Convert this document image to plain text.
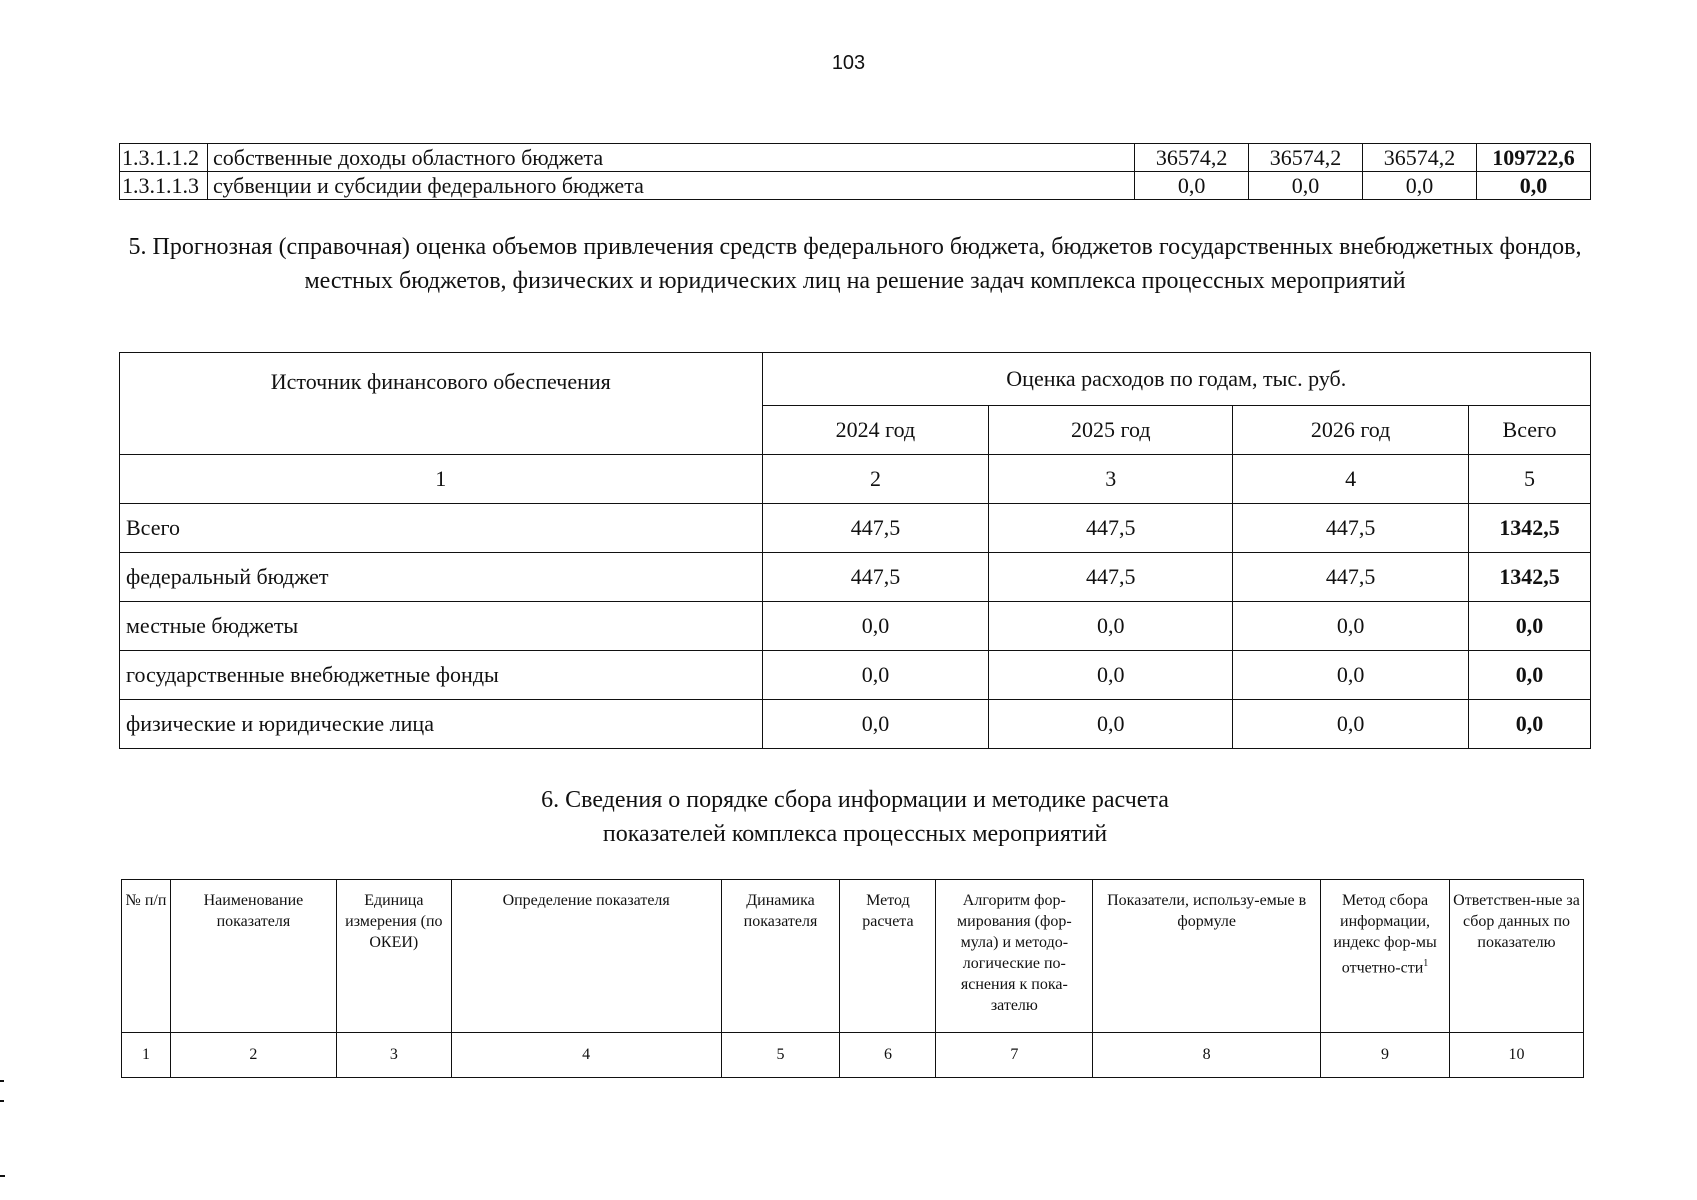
103
1.3.1.1.2	собственные доходы областного бюджета	36574,2	36574,2	36574,2	109722,6
1.3.1.1.3	субвенции и субсидии федерального бюджета	0,0	0,0	0,0	0,0
5. Прогнозная (справочная) оценка объемов привлечения средств федерального бюджета, бюджетов государственных внебюджетных фондов, местных бюджетов, физических и юридических лиц на решение задач комплекса процессных мероприятий
Источник финансового обеспечения	Оценка расходов по годам, тыс. руб.			
	2024 год	2025 год	2026 год	Всего
1	2	3	4	5
Всего	447,5	447,5	447,5	1342,5
федеральный бюджет	447,5	447,5	447,5	1342,5
местные бюджеты	0,0	0,0	0,0	0,0
государственные внебюджетные фонды	0,0	0,0	0,0	0,0
физические и юридические лица	0,0	0,0	0,0	0,0
6. Сведения о порядке сбора информации и методике расчета
показателей комплекса процессных мероприятий
№ п/п	Наименование показателя	Единица измерения (по ОКЕИ)	Определение показателя	Динамика показателя	Метод расчета	Алгоритм фор-мирования (фор-мула) и методо-логические по-яснения к пока-зателю	Показатели, использу-емые в формуле	Метод сбора информации, индекс фор-мы отчетно-сти$^1$	Ответствен-ные за сбор данных по показателю
1	2	3	4	5	6	7	8	9	10
